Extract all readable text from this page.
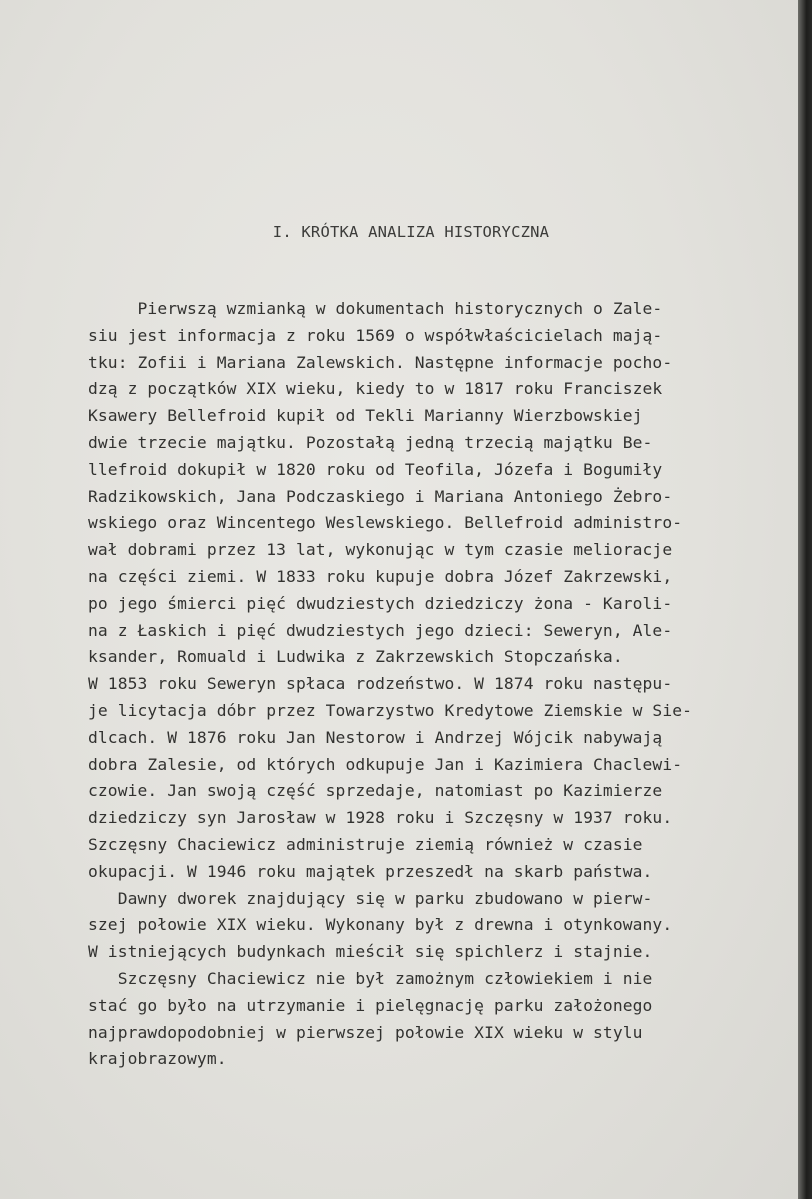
I. KRÓTKA ANALIZA HISTORYCZNA
Pierwszą wzmianką w dokumentach historycznych o Zale-
siu jest informacja z roku 1569 o współwłaścicielach mają-
tku: Zofii i Mariana Zalewskich. Następne informacje pocho-
dzą z początków XIX wieku, kiedy to w 1817 roku Franciszek
Ksawery Bellefroid kupił od Tekli Marianny Wierzbowskiej
dwie trzecie majątku. Pozostałą jedną trzecią majątku Be-
llefroid dokupił w 1820 roku od Teofila, Józefa i Bogumiły
Radzikowskich, Jana Podczaskiego i Mariana Antoniego Żebro-
wskiego oraz Wincentego Weslewskiego. Bellefroid administro-
wał dobrami przez 13 lat, wykonując w tym czasie melioracje
na części ziemi. W 1833 roku kupuje dobra Józef Zakrzewski,
po jego śmierci pięć dwudziestych dziedziczy żona - Karoli-
na z Łaskich i pięć dwudziestych jego dzieci: Seweryn, Ale-
ksander, Romuald i Ludwika z Zakrzewskich Stopczańska.
W 1853 roku Seweryn spłaca rodzeństwo. W 1874 roku następu-
je licytacja dóbr przez Towarzystwo Kredytowe Ziemskie w Sie-
dlcach. W 1876 roku Jan Nestorow i Andrzej Wójcik nabywają
dobra Zalesie, od których odkupuje Jan i Kazimiera Chaclewi-
czowie. Jan swoją część sprzedaje, natomiast po Kazimierze
dziedziczy syn Jarosław w 1928 roku i Szczęsny w 1937 roku.
Szczęsny Chaciewicz administruje ziemią również w czasie
okupacji. W 1946 roku majątek przeszedł na skarb państwa.
Dawny dworek znajdujący się w parku zbudowano w pierw-
szej połowie XIX wieku. Wykonany był z drewna i otynkowany.
W istniejących budynkach mieścił się spichlerz i stajnie.
Szczęsny Chaciewicz nie był zamożnym człowiekiem i nie
stać go było na utrzymanie i pielęgnację parku założonego
najprawdopodobniej w pierwszej połowie XIX wieku w stylu
krajobrazowym.
